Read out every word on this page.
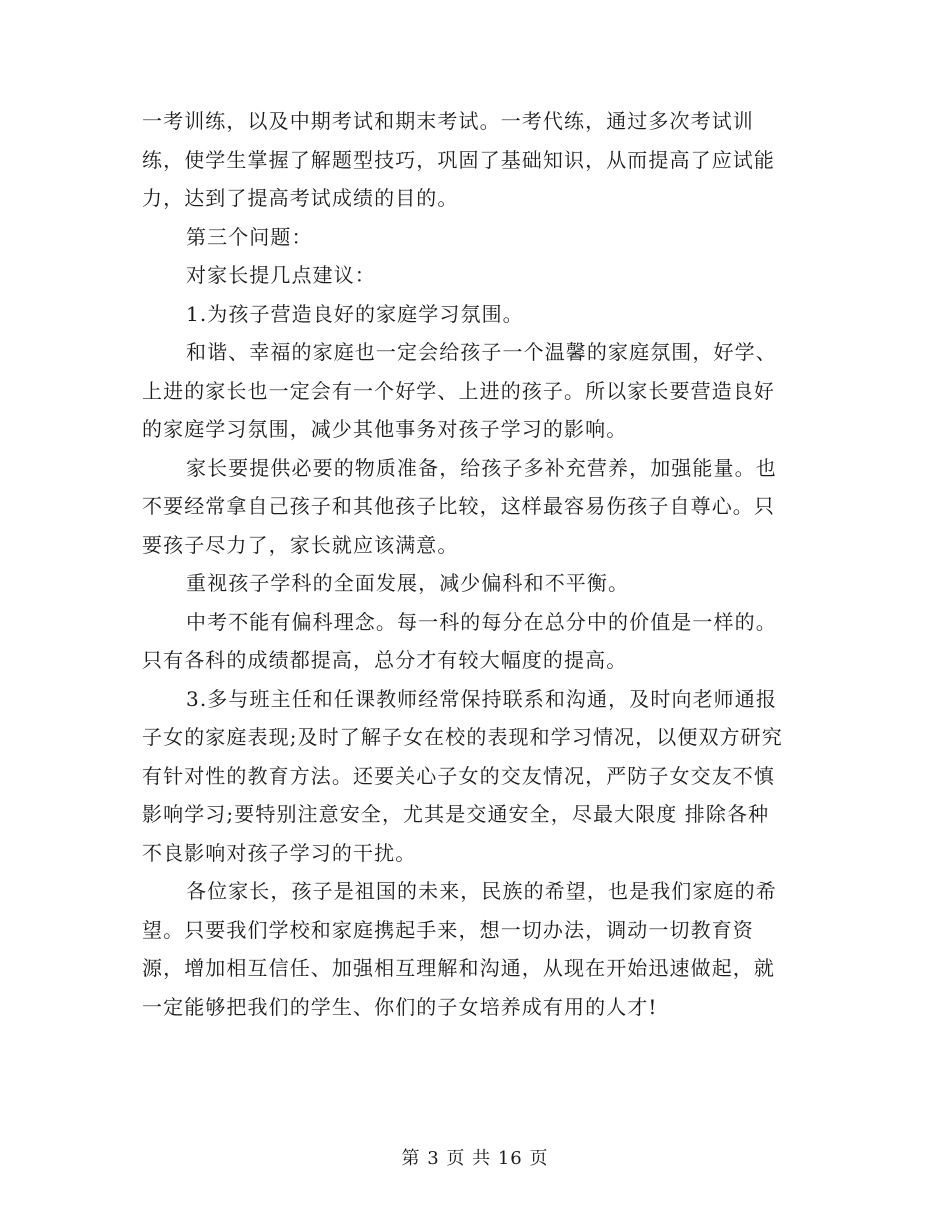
一考训练，以及中期考试和期末考试。一考代练，通过多次考试训
练，使学生掌握了解题型技巧，巩固了基础知识，从而提高了应试能
力，达到了提高考试成绩的目的。
第三个问题：
对家长提几点建议：
1.为孩子营造良好的家庭学习氛围。
和谐、幸福的家庭也一定会给孩子一个温馨的家庭氛围，好学、
上进的家长也一定会有一个好学、上进的孩子。所以家长要营造良好
的家庭学习氛围，减少其他事务对孩子学习的影响。
家长要提供必要的物质准备，给孩子多补充营养，加强能量。也
不要经常拿自己孩子和其他孩子比较，这样最容易伤孩子自尊心。只
要孩子尽力了，家长就应该满意。
重视孩子学科的全面发展，减少偏科和不平衡。
中考不能有偏科理念。每一科的每分在总分中的价值是一样的。
只有各科的成绩都提高，总分才有较大幅度的提高。
3.多与班主任和任课教师经常保持联系和沟通，及时向老师通报
子女的家庭表现;及时了解子女在校的表现和学习情况，以便双方研究
有针对性的教育方法。还要关心子女的交友情况，严防子女交友不慎
影响学习;要特别注意安全，尤其是交通安全，尽最大限度 排除各种
不良影响对孩子学习的干扰。
各位家长，孩子是祖国的未来，民族的希望，也是我们家庭的希
望。只要我们学校和家庭携起手来，想一切办法，调动一切教育资
源，增加相互信任、加强相互理解和沟通，从现在开始迅速做起，就
一定能够把我们的学生、你们的子女培养成有用的人才!
第 3 页 共 16 页
